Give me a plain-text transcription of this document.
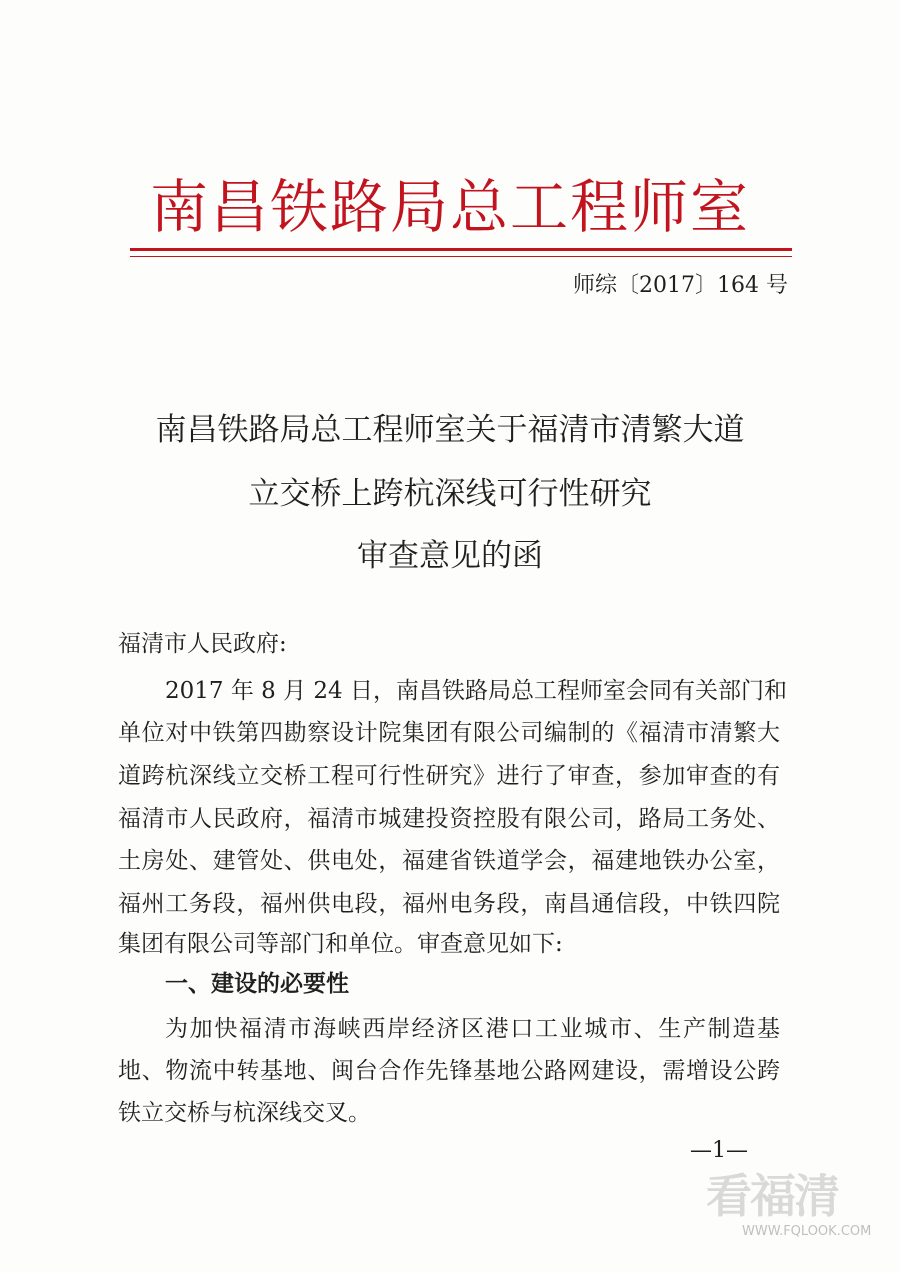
南昌铁路局总工程师室
师综〔2017〕164 号
南昌铁路局总工程师室关于福清市清繁大道
立交桥上跨杭深线可行性研究
审查意见的函
福清市人民政府:
2017 年 8 月 24 日，南昌铁路局总工程师室会同有关部门和
单位对中铁第四勘察设计院集团有限公司编制的《福清市清繁大
道跨杭深线立交桥工程可行性研究》进行了审查，参加审查的有
福清市人民政府，福清市城建投资控股有限公司，路局工务处、
土房处、建管处、供电处，福建省铁道学会，福建地铁办公室，
福州工务段，福州供电段，福州电务段，南昌通信段，中铁四院
集团有限公司等部门和单位。审查意见如下:
一、建设的必要性
为加快福清市海峡西岸经济区港口工业城市、生产制造基
地、物流中转基地、闽台合作先锋基地公路网建设，需增设公跨
铁立交桥与杭深线交叉。
—1—
看福清
WWW.FQLOOK.COM
